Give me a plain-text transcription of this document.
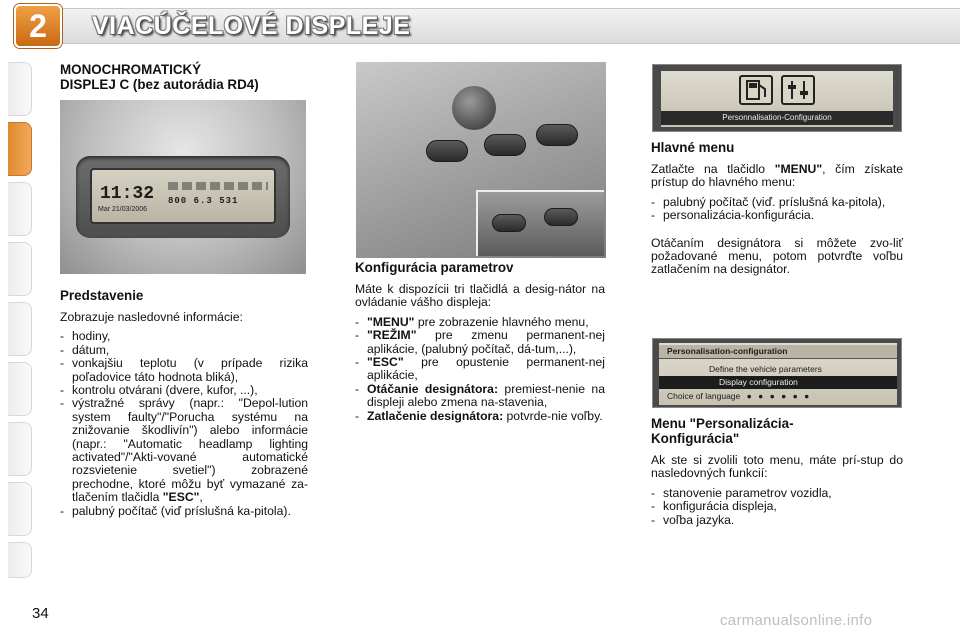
2	VIACÚČELOVÉ DISPLEJE
MONOCHROMATICKÝ
DISPLEJ C (bez autorádia RD4)
11:32
Mar 21/03/2006
800 6.3 531
Predstavenie
Zobrazuje nasledovné informácie:
- hodiny,
- dátum,
- vonkajšiu teplotu (v prípade rizika poľadovice táto hodnota bliká),
- kontrolu otvárani (dvere, kufor, ...),
- výstražné správy (napr.: "Depol-lution system faulty"/"Porucha systému na znižovanie škodlivín") alebo informácie (napr.: "Automatic headlamp lighting activated"/"Akti-vované automatické rozsvietenie svetiel") zobrazené prechodne, ktoré môžu byť vymazané za-tlačením tlačidla "ESC",
- palubný počítač (viď príslušná ka-pitola).
Konfigurácia parametrov
Máte k dispozícii tri tlačidlá a desig-nátor na ovládanie vášho displeja:
- "MENU" pre zobrazenie hlavného menu,
- "REŽIM" pre zmenu permanent-nej aplikácie, (palubný počítač, dá-tum,...),
- "ESC" pre opustenie permanent-nej aplikácie,
- Otáčanie designátora: premiest-nenie na displeji alebo zmena na-stavenia,
- Zatlačenie designátora: potvrde-nie voľby.
Personnalisation-Configuration
Hlavné menu
Zatlačte na tlačidlo "MENU", čím získate prístup do hlavného menu:
- palubný počítač (viď. príslušná ka-pitola),
- personalizácia-konfigurácia.
Otáčaním designátora si môžete zvo-liť požadované menu, potom potvrďte voľbu zatlačením na designátor.
Personalisation-configuration
Define the vehicle parameters
Display configuration
Choice of language ● ● ● ● ● ●
Menu "Personalizácia-
Konfigurácia"
Ak ste si zvolili toto menu, máte prí-stup do nasledovných funkcií:
- stanovenie parametrov vozidla,
- konfigurácia displeja,
- voľba jazyka.
34	carmanualsonline.info
